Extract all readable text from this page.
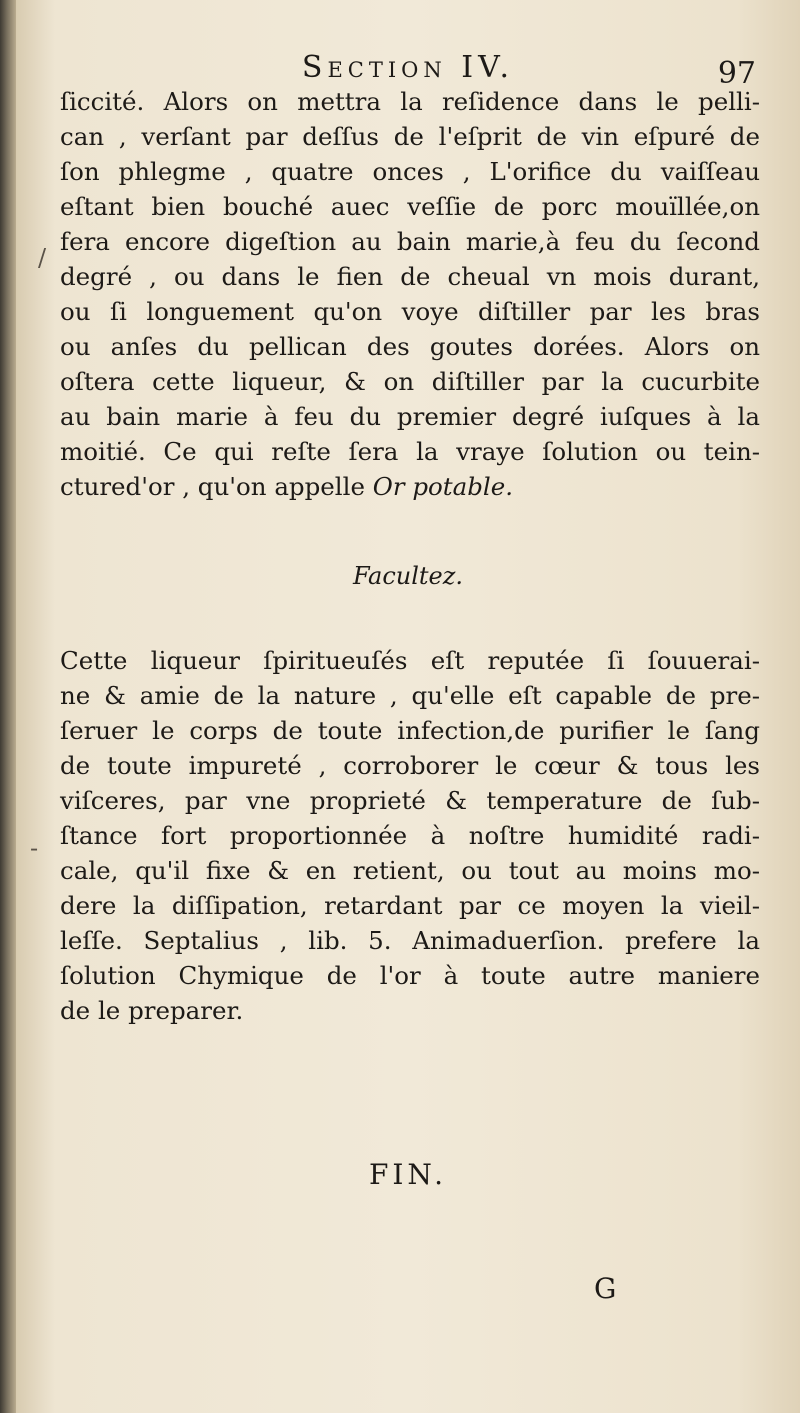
Section IV.	97
/
-
ſiccité. Alors on mettra la reſidence dans le pelli-
can , verſant par deſſus de l'eſprit de vin eſpuré de
ſon phlegme , quatre onces , L'orifice du vaiſſeau
eſtant bien bouché auec veſſie de porc mouïllée,on
fera encore digeſtion au bain marie,à feu du ſecond
degré , ou dans le fien de cheual vn mois durant,
ou ſi longuement qu'on voye diſtiller par les bras
ou anſes du pellican des goutes dorées. Alors on
oſtera cette liqueur, & on diſtiller par la cucurbite
au bain marie à feu du premier degré iuſques à la
moitié. Ce qui reſte ſera la vraye ſolution ou tein-
ctured'or , qu'on appelle Or potable.
Facultez.
Cette liqueur ſpiritueuſés eſt reputée ſi ſouuerai-
ne & amie de la nature , qu'elle eſt capable de pre-
ſeruer le corps de toute infection,de purifier le ſang
de toute impureté , corroborer le cœur & tous les
viſceres, par vne proprieté & temperature de ſub-
ſtance fort proportionnée à noſtre humidité radi-
cale, qu'il fixe & en retient, ou tout au moins mo-
dere la diſſipation, retardant par ce moyen la vieil-
leſſe. Septalius , lib. 5. Animaduerſion. prefere la
ſolution Chymique de l'or à toute autre maniere
de le preparer.
FIN.
G
